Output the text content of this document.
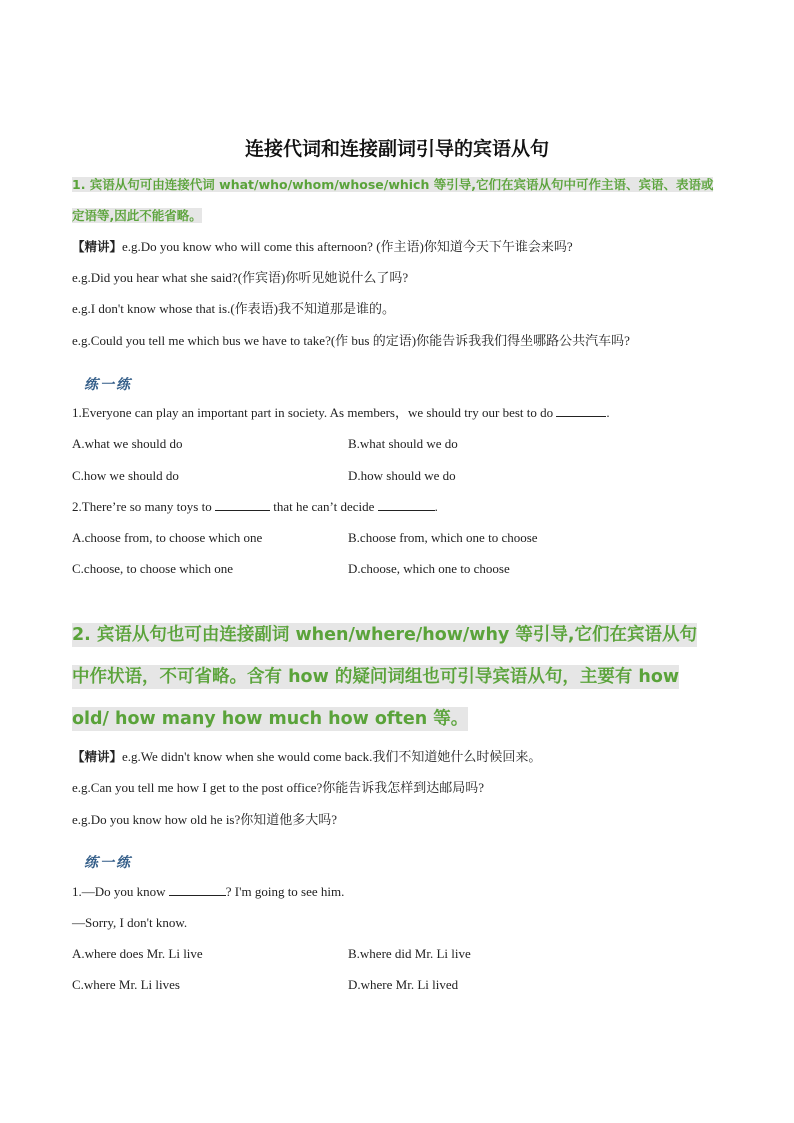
连接代词和连接副词引导的宾语从句
1. 宾语从句可由连接代词 what/who/whom/whose/which 等引导,它们在宾语从句中可作主语、宾语、表语或
定语等,因此不能省略。
【精讲】e.g.Do you know who will come this afternoon? (作主语)你知道今天下午谁会来吗?
e.g.Did you hear what she said?(作宾语)你听见她说什么了吗?
e.g.I don't know whose that is.(作表语)我不知道那是谁的。
e.g.Could you tell me which bus we have to take?(作 bus 的定语)你能告诉我我们得坐哪路公共汽车吗?
练一练
1.Everyone can play an important part in society. As members，we should try our best to do	.
A.what we should do	B.what should we do
C.how we should do	D.how should we do
2.There’re so many toys to	that he can’t decide	.
A.choose from, to choose which one	B.choose from, which one to choose
C.choose, to choose which one	D.choose, which one to choose
2. 宾语从句也可由连接副词 when/where/how/why 等引导,它们在宾语从句
中作状语，不可省略。含有 how 的疑问词组也可引导宾语从句，主要有 how
old/ how many how much how often 等。
【精讲】e.g.We didn't know when she would come back.我们不知道她什么时候回来。
e.g.Can you tell me how I get to the post office?你能告诉我怎样到达邮局吗?
e.g.Do you know how old he is?你知道他多大吗?
练一练
1.—Do you know	? I'm going to see him.
—Sorry, I don't know.
A.where does Mr. Li live	B.where did Mr. Li live
C.where Mr. Li lives	D.where Mr. Li lived
